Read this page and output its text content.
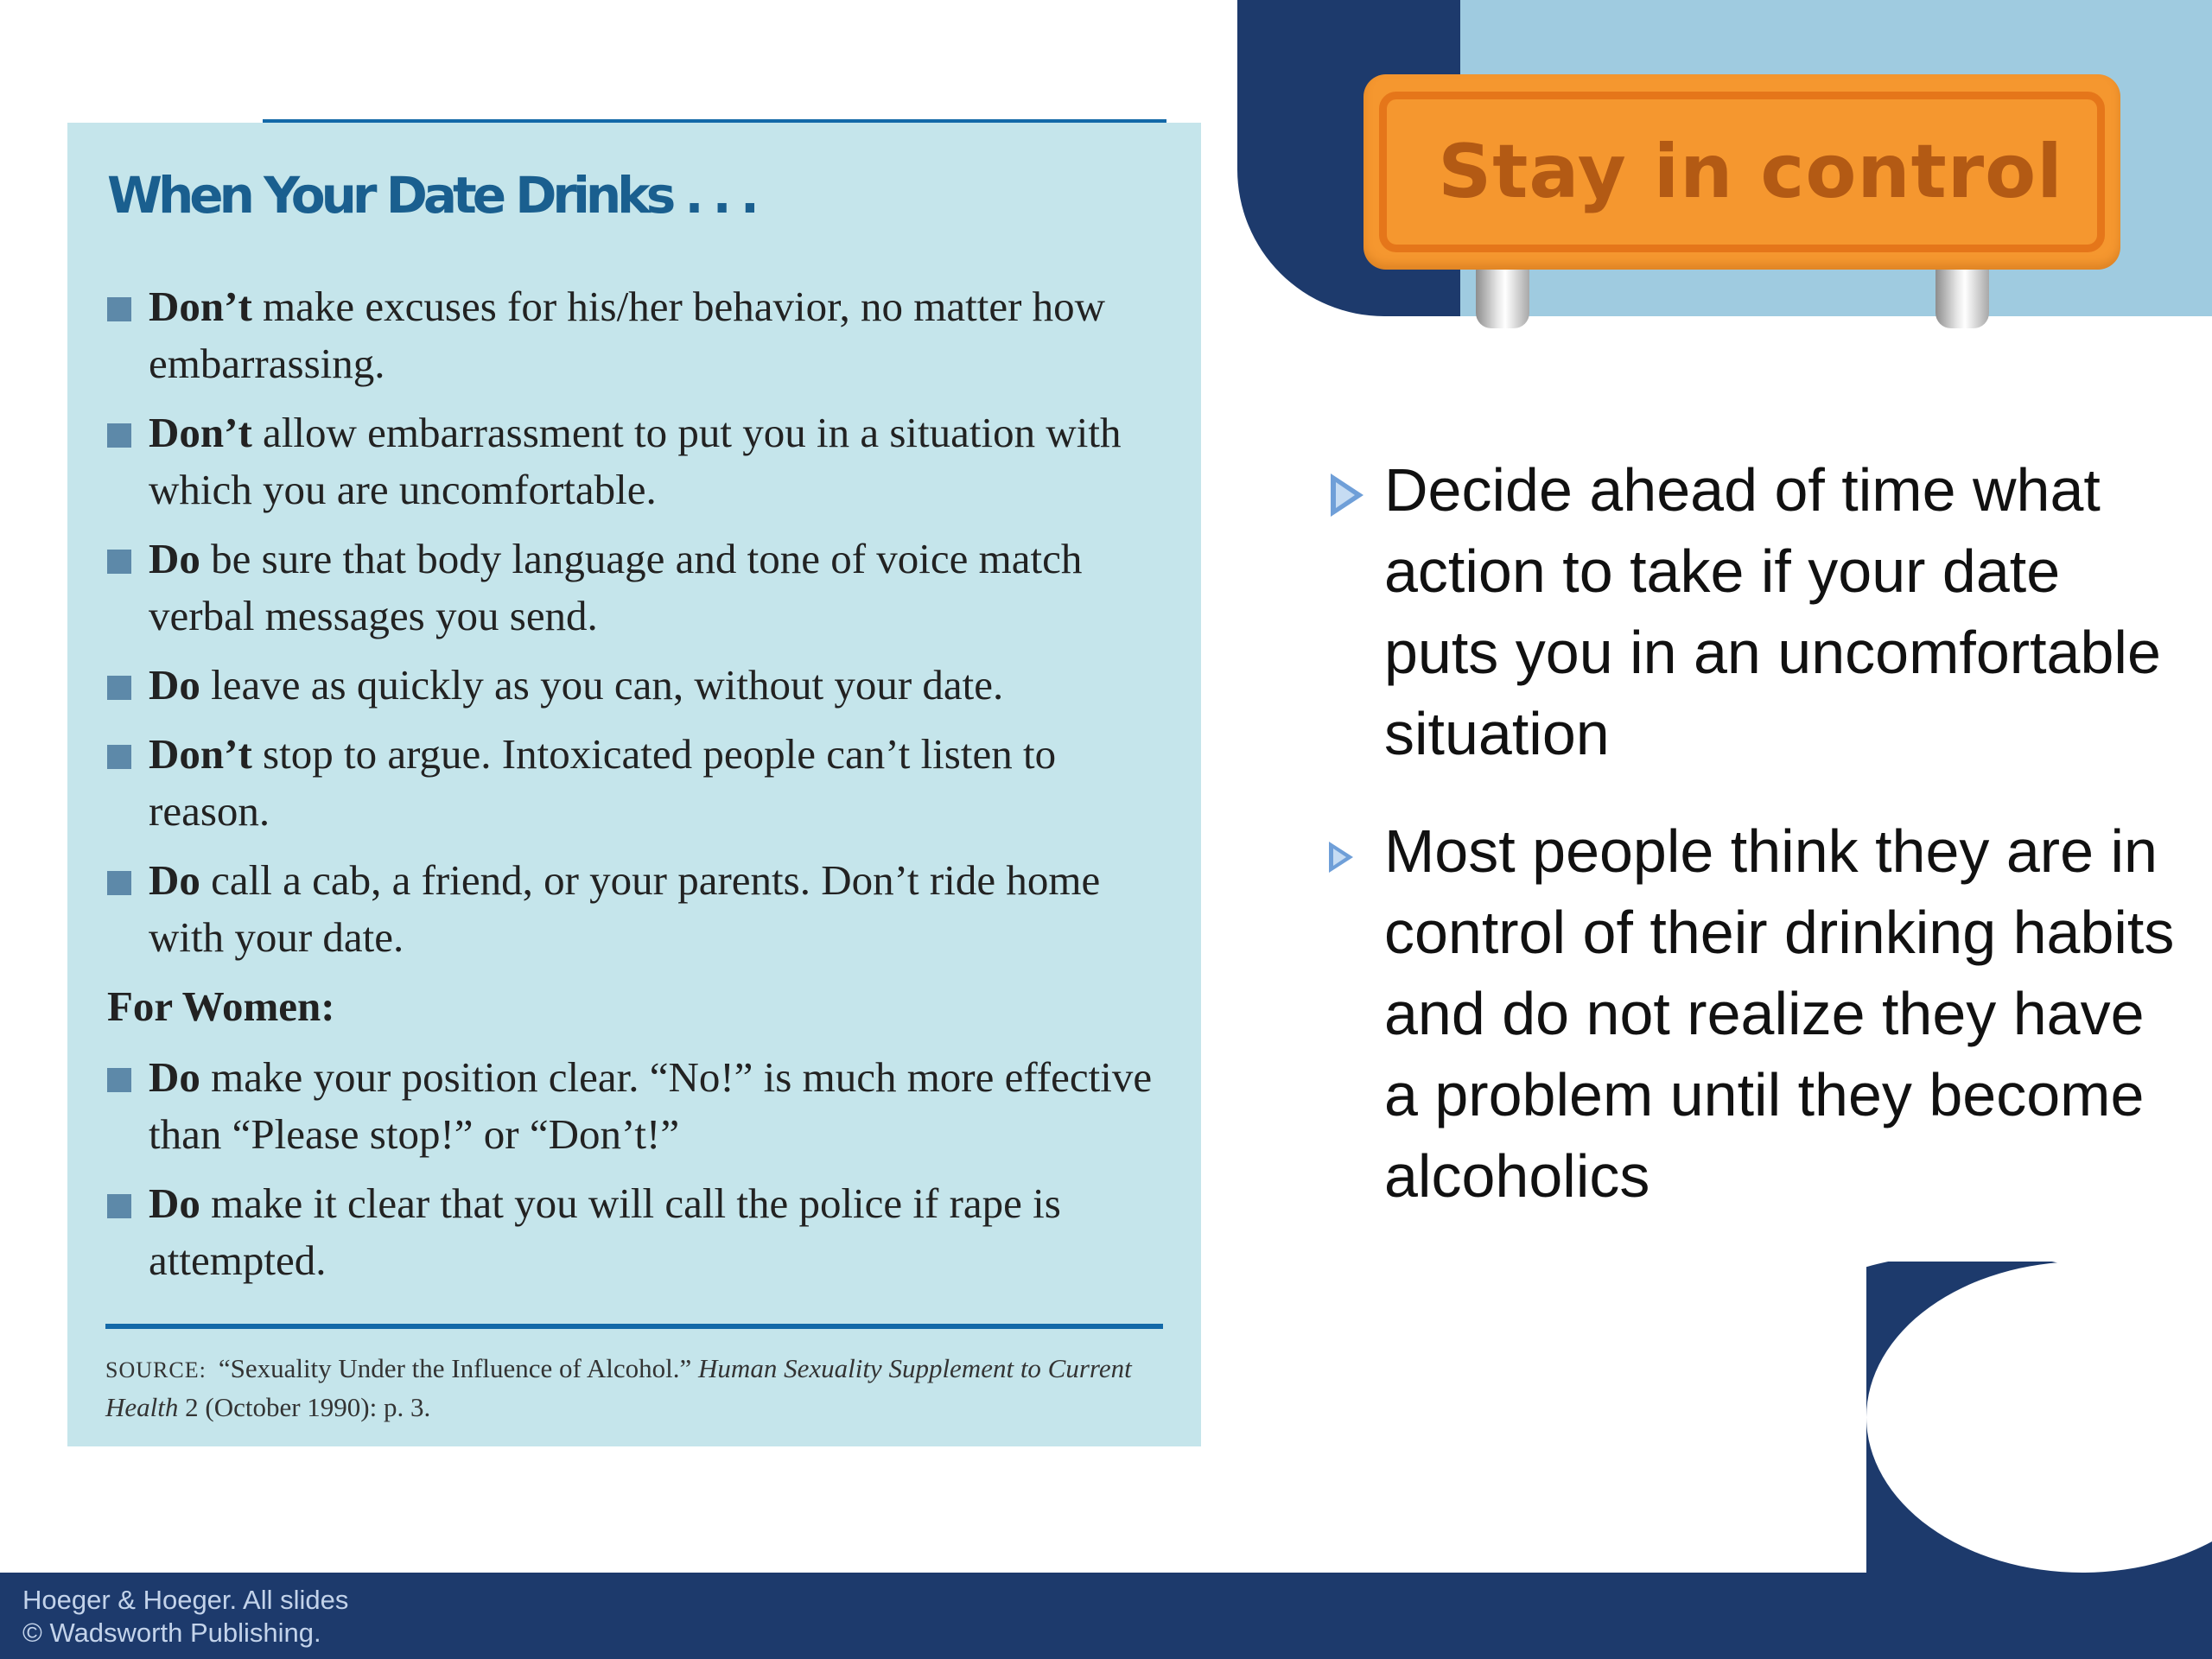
Stay in control
When Your Date Drinks . . .
Don’t make excuses for his/her behavior, no matter how embarrassing.
Don’t allow embarrassment to put you in a situation with which you are uncomfortable.
Do be sure that body language and tone of voice match verbal messages you send.
Do leave as quickly as you can, without your date.
Don’t stop to argue. Intoxicated people can’t listen to reason.
Do call a cab, a friend, or your parents. Don’t ride home with your date.
For Women:
Do make your position clear. “No!” is much more effective than “Please stop!” or “Don’t!”
Do make it clear that you will call the police if rape is attempted.
SOURCE: “Sexuality Under the Influence of Alcohol.” Human Sexuality Supplement to Current Health 2 (October 1990): p. 3.
Decide ahead of time what action to take if your date puts you in an uncomfortable situation
Most people think they are in control of their drinking habits and do not realize they have a problem until they become alcoholics
Hoeger & Hoeger. All slides
© Wadsworth Publishing.
